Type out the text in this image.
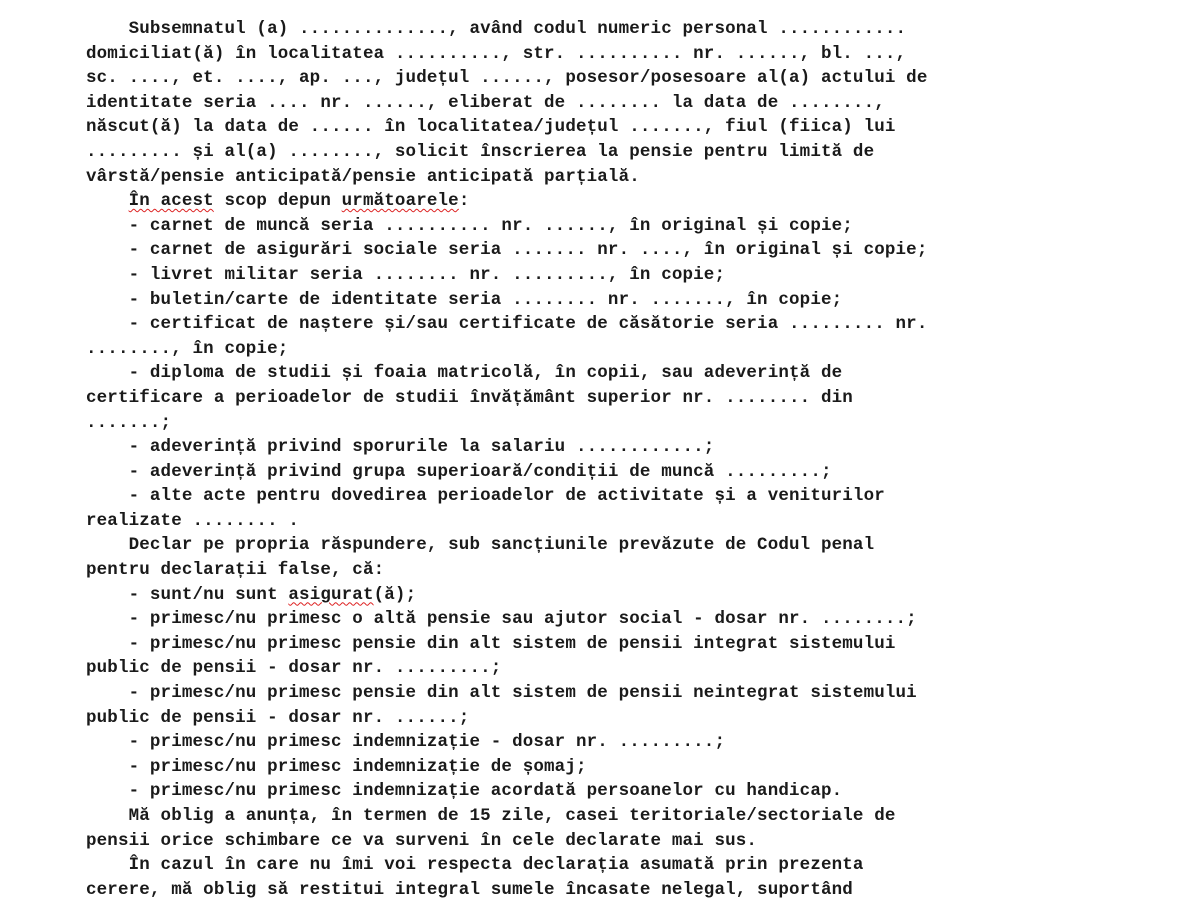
Subsemnatul (a) .............., având codul numeric personal ............
domiciliat(ă) în localitatea .........., str. .......... nr. ......, bl. ...,
sc. ...., et. ...., ap. ..., județul ......, posesor/posesoare al(a) actului de
identitate seria .... nr. ......, eliberat de ........ la data de ........,
născut(ă) la data de ...... în localitatea/județul ......., fiul (fiica) lui
......... și al(a) ........, solicit înscrierea la pensie pentru limită de
vârstă/pensie anticipată/pensie anticipată parțială.
În acest scop depun următoarele:
- carnet de muncă seria .......... nr. ......, în original și copie;
- carnet de asigurări sociale seria ....... nr. ...., în original și copie;
- livret militar seria ........ nr. ........., în copie;
- buletin/carte de identitate seria ........ nr. ......., în copie;
- certificat de naștere și/sau certificate de căsătorie seria ......... nr.
........, în copie;
- diploma de studii și foaia matricolă, în copii, sau adeverință de
certificare a perioadelor de studii învățământ superior nr. ........ din
.......;
- adeverință privind sporurile la salariu ............;
- adeverință privind grupa superioară/condiții de muncă .........;
- alte acte pentru dovedirea perioadelor de activitate și a veniturilor
realizate ........ .
Declar pe propria răspundere, sub sancțiunile prevăzute de Codul penal
pentru declarații false, că:
- sunt/nu sunt asigurat(ă);
- primesc/nu primesc o altă pensie sau ajutor social - dosar nr. ........;
- primesc/nu primesc pensie din alt sistem de pensii integrat sistemului
public de pensii - dosar nr. .........;
- primesc/nu primesc pensie din alt sistem de pensii neintegrat sistemului
public de pensii - dosar nr. ......;
- primesc/nu primesc indemnizație - dosar nr. .........;
- primesc/nu primesc indemnizație de șomaj;
- primesc/nu primesc indemnizație acordată persoanelor cu handicap.
Mă oblig a anunța, în termen de 15 zile, casei teritoriale/sectoriale de
pensii orice schimbare ce va surveni în cele declarate mai sus.
În cazul în care nu îmi voi respecta declarația asumată prin prezenta
cerere, mă oblig să restitui integral sumele încasate nelegal, suportând
